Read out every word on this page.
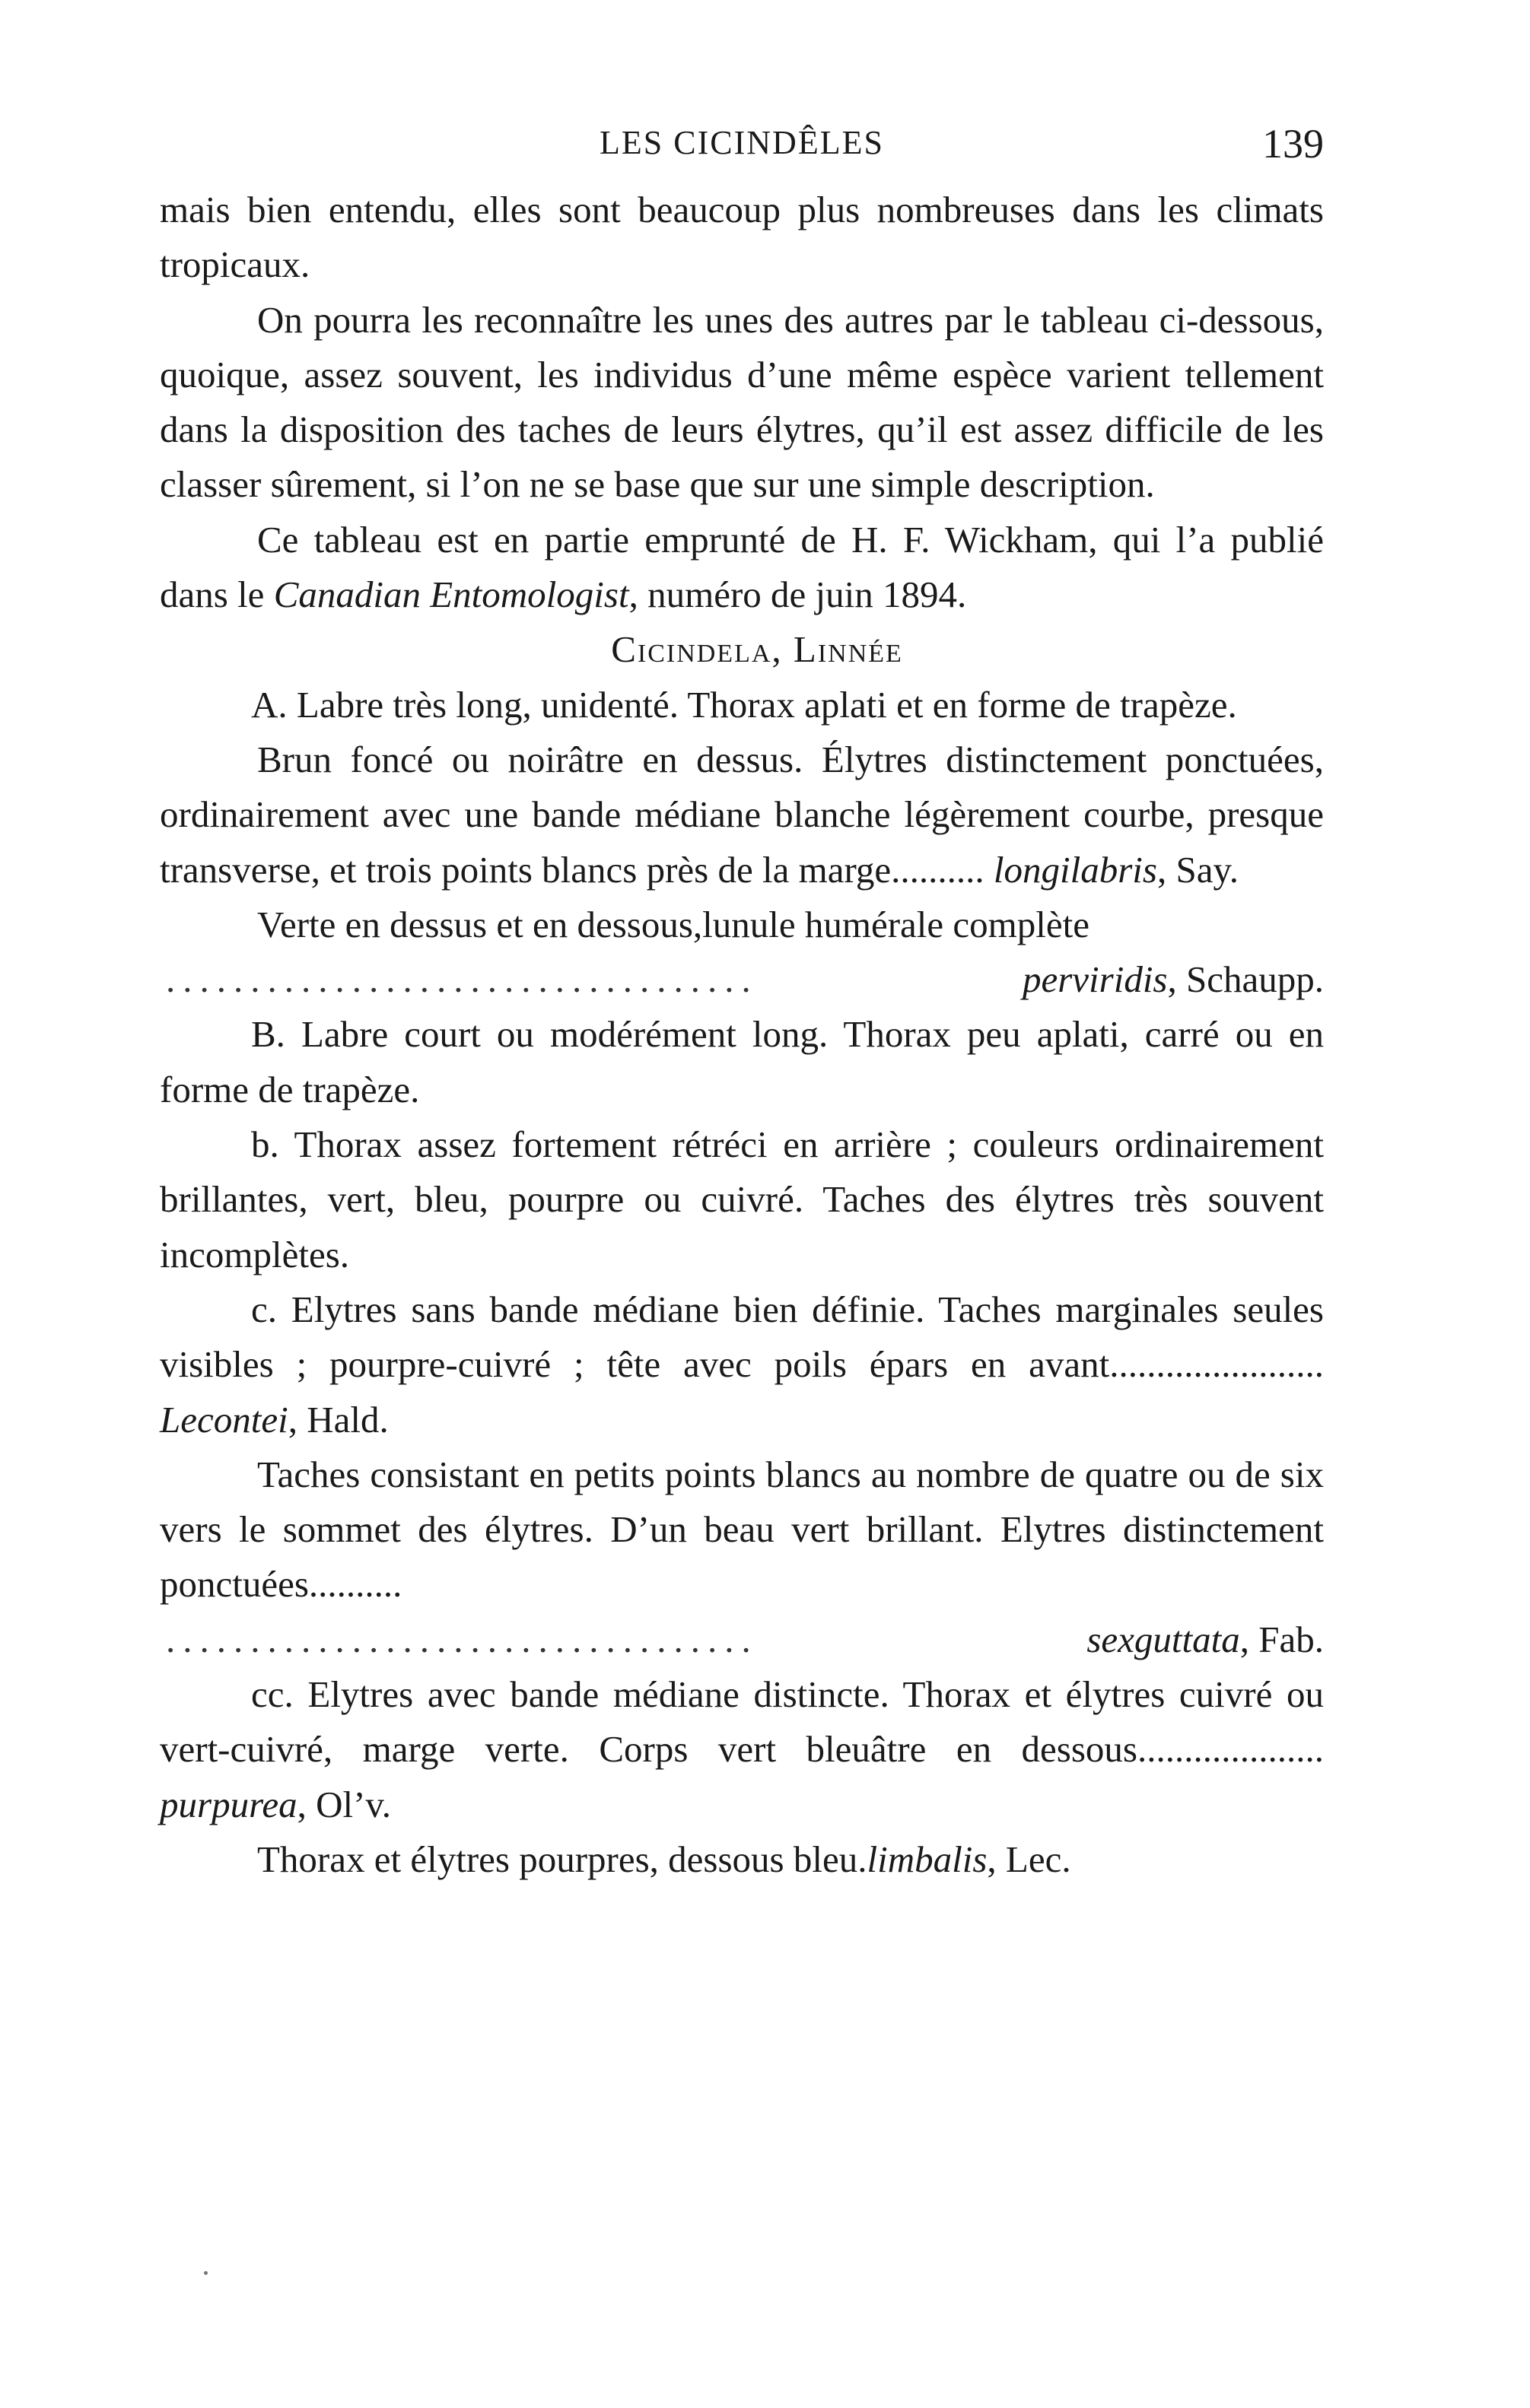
LES CICINDÊLES	139

mais bien entendu, elles sont beaucoup plus nombreuses dans les climats tropicaux.

On pourra les reconnaître les unes des autres par le tableau ci-dessous, quoique, assez souvent, les individus d’une même espèce varient tellement dans la disposition des taches de leurs élytres, qu’il est assez difficile de les classer sûrement, si l’on ne se base que sur une simple description.

Ce tableau est en partie emprunté de H. F. Wickham, qui l’a publié dans le Canadian Entomologist, numéro de juin 1894.

Cicindela, Linnée

A. Labre très long, unidenté. Thorax aplati et en forme de trapèze.

Brun foncé ou noirâtre en dessus. Élytres distinctement ponctuées, ordinairement avec une bande médiane blanche légèrement courbe, presque transverse, et trois points blancs près de la marge.......... longilabris, Say.

Verte en dessus et en dessous,lunule humérale complète

...................................	perviridis , Schaupp.

B. Labre court ou modérément long. Thorax peu aplati, carré ou en forme de trapèze.

b. Thorax assez fortement rétréci en arrière ; couleurs ordinairement brillantes, vert, bleu, pourpre ou cuivré. Taches des élytres très souvent incomplètes.

c. Elytres sans bande médiane bien définie. Taches marginales seules visibles ; pourpre-cuivré ; tête avec poils épars en avant....................... Lecontei, Hald.

Taches consistant en petits points blancs au nombre de quatre ou de six vers le sommet des élytres. D’un beau vert brillant. Elytres distinctement ponctuées..........

...................................	sexguttata , Fab.

cc. Elytres avec bande médiane distincte. Thorax et élytres cuivré ou vert-cuivré, marge verte. Corps vert bleuâtre en dessous.................... purpurea, Ol’v.

Thorax et élytres pourpres, dessous bleu.limbalis, Lec.
